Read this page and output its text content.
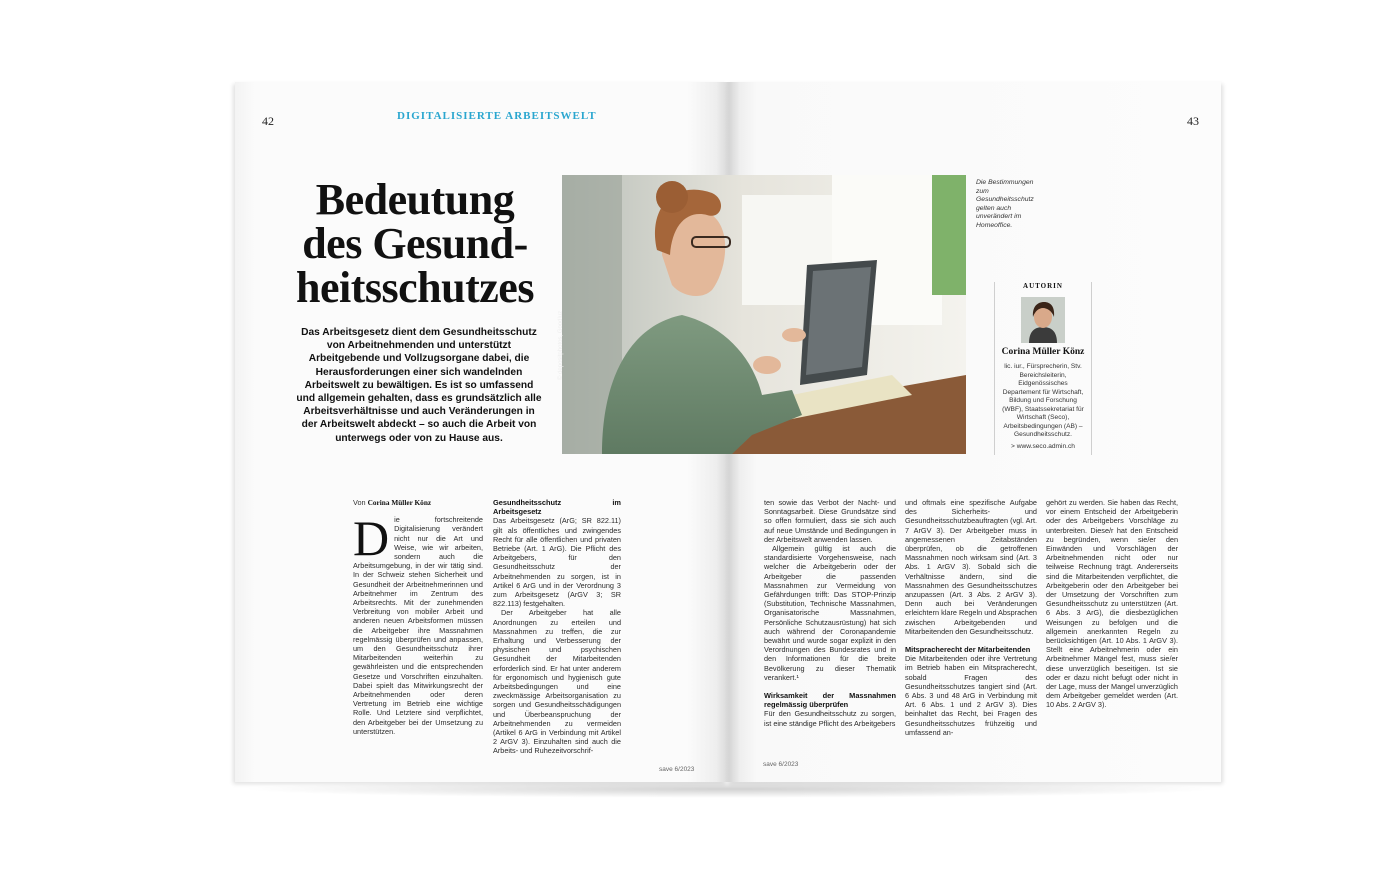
42	DIGITALISIERTE ARBEITSWELT
Bedeutung
des Gesund-
heitsschutzes
Das Arbeitsgesetz dient dem Gesundheitsschutz von Arbeitnehmenden und unterstützt Arbeitgebende und Vollzugsorgane dabei, die Herausforderungen einer sich wandelnden Arbeitswelt zu bewältigen. Es ist so umfassend und allgemein gehalten, dass es grundsätzlich alle Arbeitsverhältnisse und auch Veränderungen in der Arbeitswelt abdeckt – so auch die Arbeit von unterwegs oder von zu Hause aus.
Von Corina Müller Könz
D ie fortschreitende Digitalisierung verändert nicht nur die Art und Weise, wie wir arbeiten, sondern auch die Arbeitsumgebung, in der wir tätig sind. In der Schweiz stehen Sicherheit und Gesundheit der Arbeitnehmerinnen und Arbeitnehmer im Zentrum des Arbeitsrechts. Mit der zunehmenden Verbreitung von mobiler Arbeit und anderen neuen Arbeitsformen müssen die Arbeitgeber ihre Massnahmen regelmässig überprüfen und anpassen, um den Gesundheitsschutz ihrer Mitarbeitenden weiterhin zu gewährleisten und die entsprechenden Gesetze und Vorschriften einzuhalten. Dabei spielt das Mitwirkungsrecht der Arbeitnehmenden oder deren Vertretung im Betrieb eine wichtige Rolle. Und Letztere sind verpflichtet, den Arbeitgeber bei der Umsetzung zu unterstützen.

Gesundheitsschutz im Arbeitsgesetz

Das Arbeitsgesetz (ArG; SR 822.11) gilt als öffentliches und zwingendes Recht für alle öffentlichen und privaten Betriebe (Art. 1 ArG). Die Pflicht des Arbeitgebers, für den Gesundheitsschutz der Arbeitnehmenden zu sorgen, ist in Artikel 6 ArG und in der Verordnung 3 zum Arbeitsgesetz (ArGV 3; SR 822.113) festgehalten.

Der Arbeitgeber hat alle Anordnungen zu erteilen und Massnahmen zu treffen, die zur Erhaltung und Verbesserung der physischen und psychischen Gesundheit der Mitarbeitenden erforderlich sind. Er hat unter anderem für ergonomisch und hygienisch gute Arbeitsbedingungen und eine zweckmässige Arbeitsorganisation zu sorgen und Gesundheitsschädigungen und Überbeanspruchung der Arbeitnehmenden zu vermeiden (Artikel 6 ArG in Verbindung mit Artikel 2 ArGV 3). Einzuhalten sind auch die Arbeits- und Ruhezeitvorschrif-

save 6/2023
© depositphotos, Goodluz
Die Bestimmungen zum Gesundheitsschutz gelten auch unverändert im Homeoffice.
43
AUTORIN
Corina Müller Könz
lic. iur., Fürsprecherin, Stv. Bereichsleiterin, Eidgenössisches Departement für Wirtschaft, Bildung und Forschung (WBF), Staatssekretariat für Wirtschaft (Seco), Arbeitsbedingungen (AB) – Gesundheitsschutz.
> www.seco.admin.ch

ten sowie das Verbot der Nacht- und Sonntagsarbeit. Diese Grundsätze sind so offen formuliert, dass sie sich auch auf neue Umstände und Bedingungen in der Arbeitswelt anwenden lassen.

Allgemein gültig ist auch die standardisierte Vorgehensweise, nach welcher die Arbeitgeberin oder der Arbeitgeber die passenden Massnahmen zur Vermeidung von Gefährdungen trifft: Das STOP-Prinzip (Substitution, Technische Massnahmen, Organisatorische Massnahmen, Persönliche Schutzausrüstung) hat sich auch während der Coronapandemie bewährt und wurde sogar explizit in den Verordnungen des Bundesrates und in den Informationen für die breite Bevölkerung zu dieser Thematik verankert.¹

Wirksamkeit der Massnahmen regelmässig überprüfen

Für den Gesundheitsschutz zu sorgen, ist eine ständige Pflicht des Arbeitgebers

und oftmals eine spezifische Aufgabe des Sicherheits- und Gesundheitsschutzbeauftragten (vgl. Art. 7 ArGV 3). Der Arbeitgeber muss in angemessenen Zeitabständen überprüfen, ob die getroffenen Massnahmen noch wirksam sind (Art. 3 Abs. 1 ArGV 3). Sobald sich die Verhältnisse ändern, sind die Massnahmen des Gesundheitsschutzes anzupassen (Art. 3 Abs. 2 ArGV 3). Denn auch bei Veränderungen erleichtern klare Regeln und Absprachen zwischen Arbeitgebenden und Mitarbeitenden den Gesundheitsschutz.

Mitspracherecht der Mitarbeitenden

Die Mitarbeitenden oder ihre Vertretung im Betrieb haben ein Mitspracherecht, sobald Fragen des Gesundheitsschutzes tangiert sind (Art. 6 Abs. 3 und 48 ArG in Verbindung mit Art. 6 Abs. 1 und 2 ArGV 3). Dies beinhaltet das Recht, bei Fragen des Gesundheitsschutzes frühzeitig und umfassend an-

gehört zu werden. Sie haben das Recht, vor einem Entscheid der Arbeitgeberin oder des Arbeitgebers Vorschläge zu unterbreiten. Diese/r hat den Entscheid zu begründen, wenn sie/er den Einwänden und Vorschlägen der Arbeitnehmenden nicht oder nur teilweise Rechnung trägt. Andererseits sind die Mitarbeitenden verpflichtet, die Arbeitgeberin oder den Arbeitgeber bei der Umsetzung der Vorschriften zum Gesundheitsschutz zu unterstützen (Art. 6 Abs. 3 ArG), die diesbezüglichen Weisungen zu befolgen und die allgemein anerkannten Regeln zu berücksichtigen (Art. 10 Abs. 1 ArGV 3). Stellt eine Arbeitnehmerin oder ein Arbeitnehmer Mängel fest, muss sie/er diese unverzüglich beseitigen. Ist sie oder er dazu nicht befugt oder nicht in der Lage, muss der Mangel unverzüglich dem Arbeitgeber gemeldet werden (Art. 10 Abs. 2 ArGV 3).

save 6/2023
